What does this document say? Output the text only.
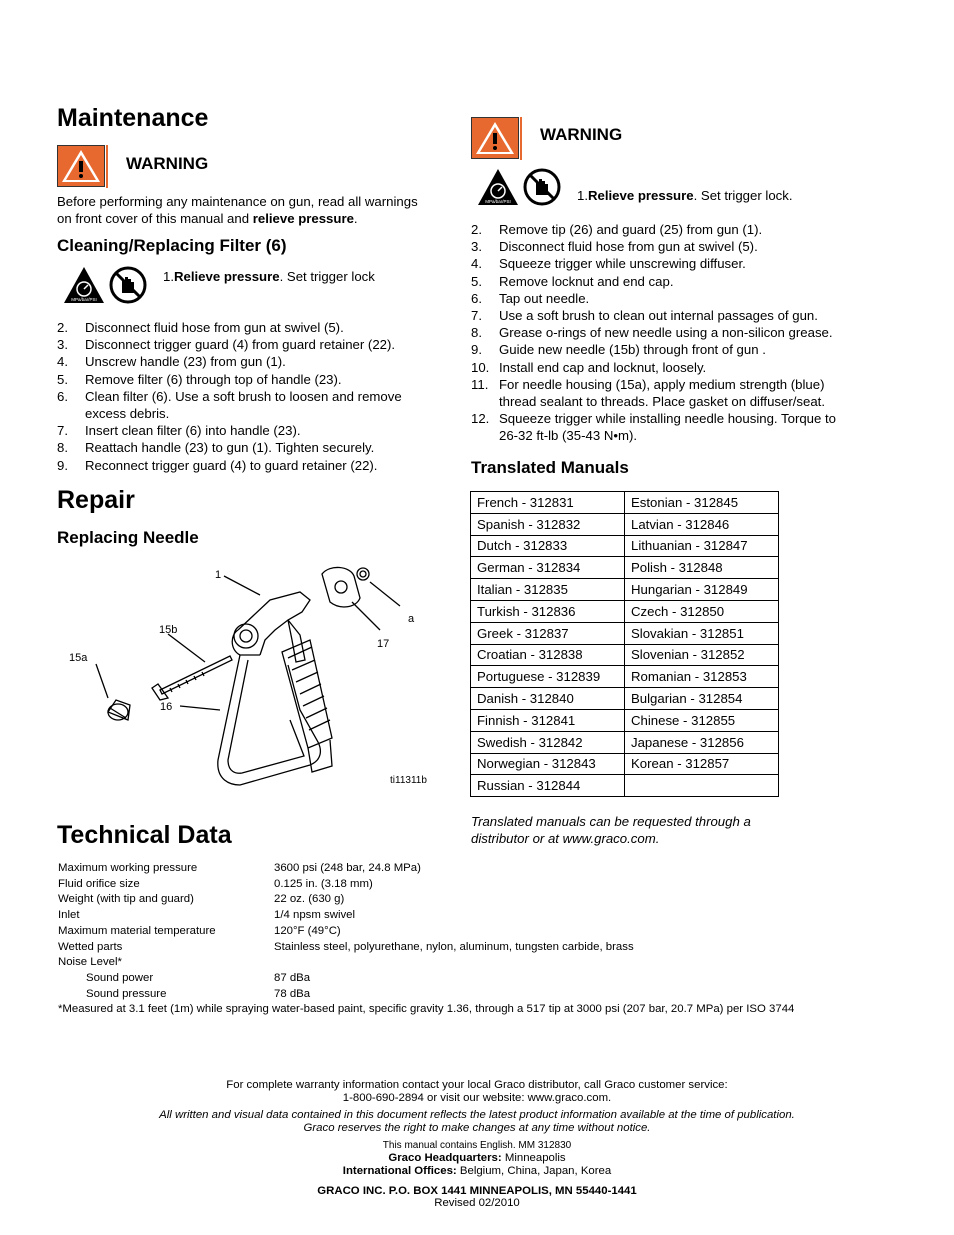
Maintenance
WARNING

Before performing any maintenance on gun, read all warnings

on front cover of this manual and relieve pressure.

Cleaning/Replacing Filter (6)
MPa/bar/PSI

1.Relieve pressure. Set trigger lock

2. Disconnect fluid hose from gun at swivel (5).
3. Disconnect trigger guard (4) from guard retainer (22).
4. Unscrew handle (23) from gun (1).
5. Remove filter (6) through top of handle (23).
6. Clean filter (6). Use a soft brush to loosen and remove excess debris.
7. Insert clean filter (6) into handle (23).
8. Reattach handle (23) to gun (1). Tighten securely.
9. Reconnect trigger guard (4) to guard retainer (22).
Repair
Replacing Needle
1
15b
15a
16
17
a
ti11311b
WARNING
MPa/bar/PSI	1.Relieve pressure. Set trigger lock.

2. Remove tip (26) and guard (25) from gun (1).
3. Disconnect fluid hose from gun at swivel (5).
4. Squeeze trigger while unscrewing diffuser.
5. Remove locknut and end cap.
6. Tap out needle.
7. Use a soft brush to clean out internal passages of gun.
8. Grease o-rings of new needle using a non-silicon grease.
9. Guide new needle (15b) through front of gun .
10. Install end cap and locknut, loosely.
11. For needle housing (15a), apply medium strength (blue) thread sealant to threads. Place gasket on diffuser/seat.
12. Squeeze trigger while installing needle housing. Torque to 26-32 ft-lb (35-43 N•m).
Translated Manuals
French - 312831	Estonian - 312845
Spanish - 312832	Latvian - 312846
Dutch - 312833	Lithuanian - 312847
German - 312834	Polish - 312848
Italian - 312835	Hungarian - 312849
Turkish - 312836	Czech - 312850
Greek - 312837	Slovakian - 312851
Croatian - 312838	Slovenian - 312852
Portuguese - 312839	Romanian - 312853
Danish - 312840	Bulgarian - 312854
Finnish - 312841	Chinese - 312855
Swedish - 312842	Japanese - 312856
Norwegian - 312843	Korean - 312857
Russian - 312844	

Translated manuals can be requested through a

distributor or at www.graco.com.

Technical Data
Maximum working pressure	3600 psi (248 bar, 24.8 MPa)
Fluid orifice size	0.125 in. (3.18 mm)
Weight (with tip and guard)	22 oz. (630 g)
Inlet	1/4 npsm swivel
Maximum material temperature	120°F (49°C)
Wetted parts	Stainless steel, polyurethane, nylon, aluminum, tungsten carbide, brass
Noise Level*
Sound power	87 dBa
Sound pressure	78 dBa

*Measured at 3.1 feet (1m) while spraying water-based paint, specific gravity 1.36, through a 517 tip at 3000 psi (207 bar, 20.7 MPa) per ISO 3744

For complete warranty information contact your local Graco distributor, call Graco customer service:

1-800-690-2894 or visit our website: www.graco.com.

All written and visual data contained in this document reflects the latest product information available at the time of publication.

Graco reserves the right to make changes at any time without notice.

This manual contains English. MM 312830

Graco Headquarters: Minneapolis

International Offices: Belgium, China, Japan, Korea

GRACO INC. P.O. BOX 1441 MINNEAPOLIS, MN 55440-1441

Revised 02/2010
